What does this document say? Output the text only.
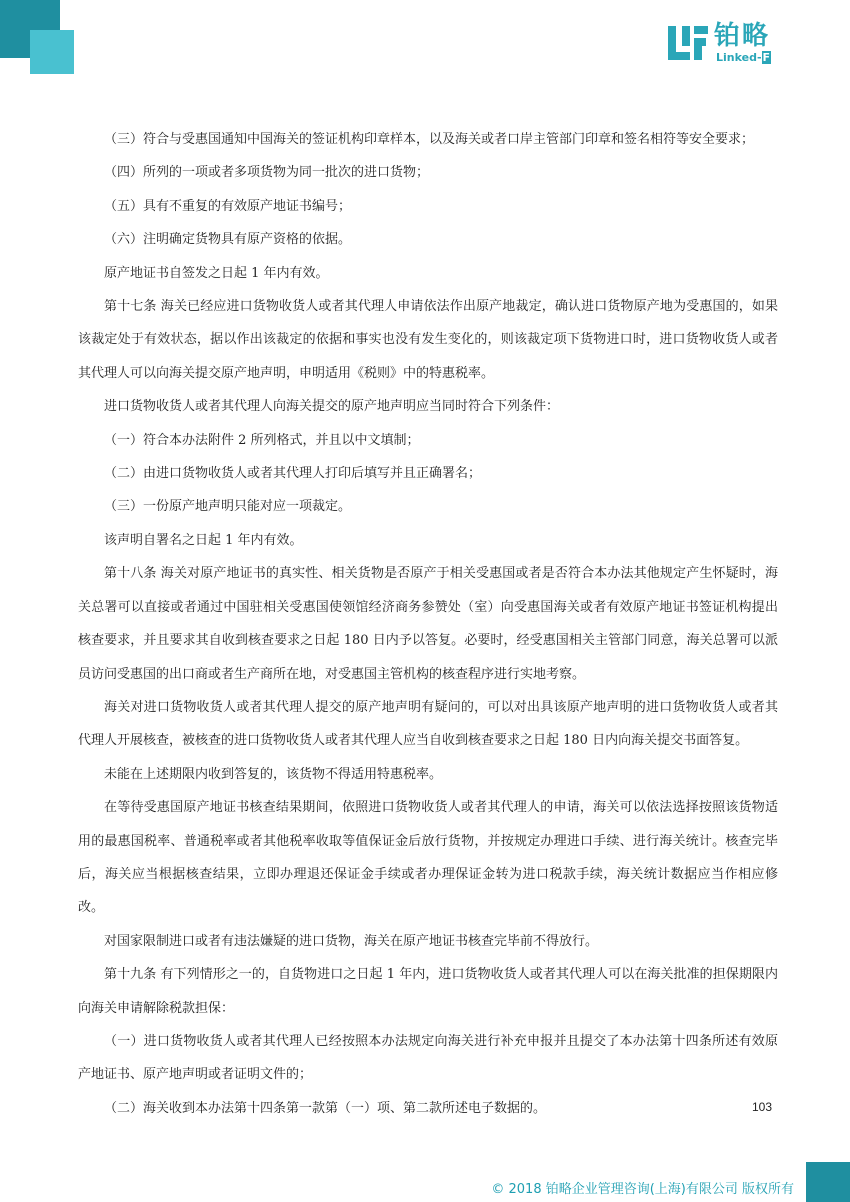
铂略
Linked-F

（三）符合与受惠国通知中国海关的签证机构印章样本，以及海关或者口岸主管部门印章和签名相符等安全要求；

（四）所列的一项或者多项货物为同一批次的进口货物；

（五）具有不重复的有效原产地证书编号；

（六）注明确定货物具有原产资格的依据。

原产地证书自签发之日起 1 年内有效。

第十七条 海关已经应进口货物收货人或者其代理人申请依法作出原产地裁定，确认进口货物原产地为受惠国的，如果该裁定处于有效状态，据以作出该裁定的依据和事实也没有发生变化的，则该裁定项下货物进口时，进口货物收货人或者其代理人可以向海关提交原产地声明，申明适用《税则》中的特惠税率。

进口货物收货人或者其代理人向海关提交的原产地声明应当同时符合下列条件：

（一）符合本办法附件 2 所列格式，并且以中文填制；

（二）由进口货物收货人或者其代理人打印后填写并且正确署名；

（三）一份原产地声明只能对应一项裁定。

该声明自署名之日起 1 年内有效。

第十八条 海关对原产地证书的真实性、相关货物是否原产于相关受惠国或者是否符合本办法其他规定产生怀疑时，海关总署可以直接或者通过中国驻相关受惠国使领馆经济商务参赞处（室）向受惠国海关或者有效原产地证书签证机构提出核查要求，并且要求其自收到核查要求之日起 180 日内予以答复。必要时，经受惠国相关主管部门同意，海关总署可以派员访问受惠国的出口商或者生产商所在地，对受惠国主管机构的核查程序进行实地考察。

海关对进口货物收货人或者其代理人提交的原产地声明有疑问的，可以对出具该原产地声明的进口货物收货人或者其代理人开展核查，被核查的进口货物收货人或者其代理人应当自收到核查要求之日起 180 日内向海关提交书面答复。

未能在上述期限内收到答复的，该货物不得适用特惠税率。

在等待受惠国原产地证书核查结果期间，依照进口货物收货人或者其代理人的申请，海关可以依法选择按照该货物适用的最惠国税率、普通税率或者其他税率收取等值保证金后放行货物，并按规定办理进口手续、进行海关统计。核查完毕后，海关应当根据核查结果，立即办理退还保证金手续或者办理保证金转为进口税款手续，海关统计数据应当作相应修改。

对国家限制进口或者有违法嫌疑的进口货物，海关在原产地证书核查完毕前不得放行。

第十九条 有下列情形之一的，自货物进口之日起 1 年内，进口货物收货人或者其代理人可以在海关批准的担保期限内向海关申请解除税款担保：

（一）进口货物收货人或者其代理人已经按照本办法规定向海关进行补充申报并且提交了本办法第十四条所述有效原产地证书、原产地声明或者证明文件的；

（二）海关收到本办法第十四条第一款第（一）项、第二款所述电子数据的。	103
© 2018 铂略企业管理咨询(上海)有限公司 版权所有
